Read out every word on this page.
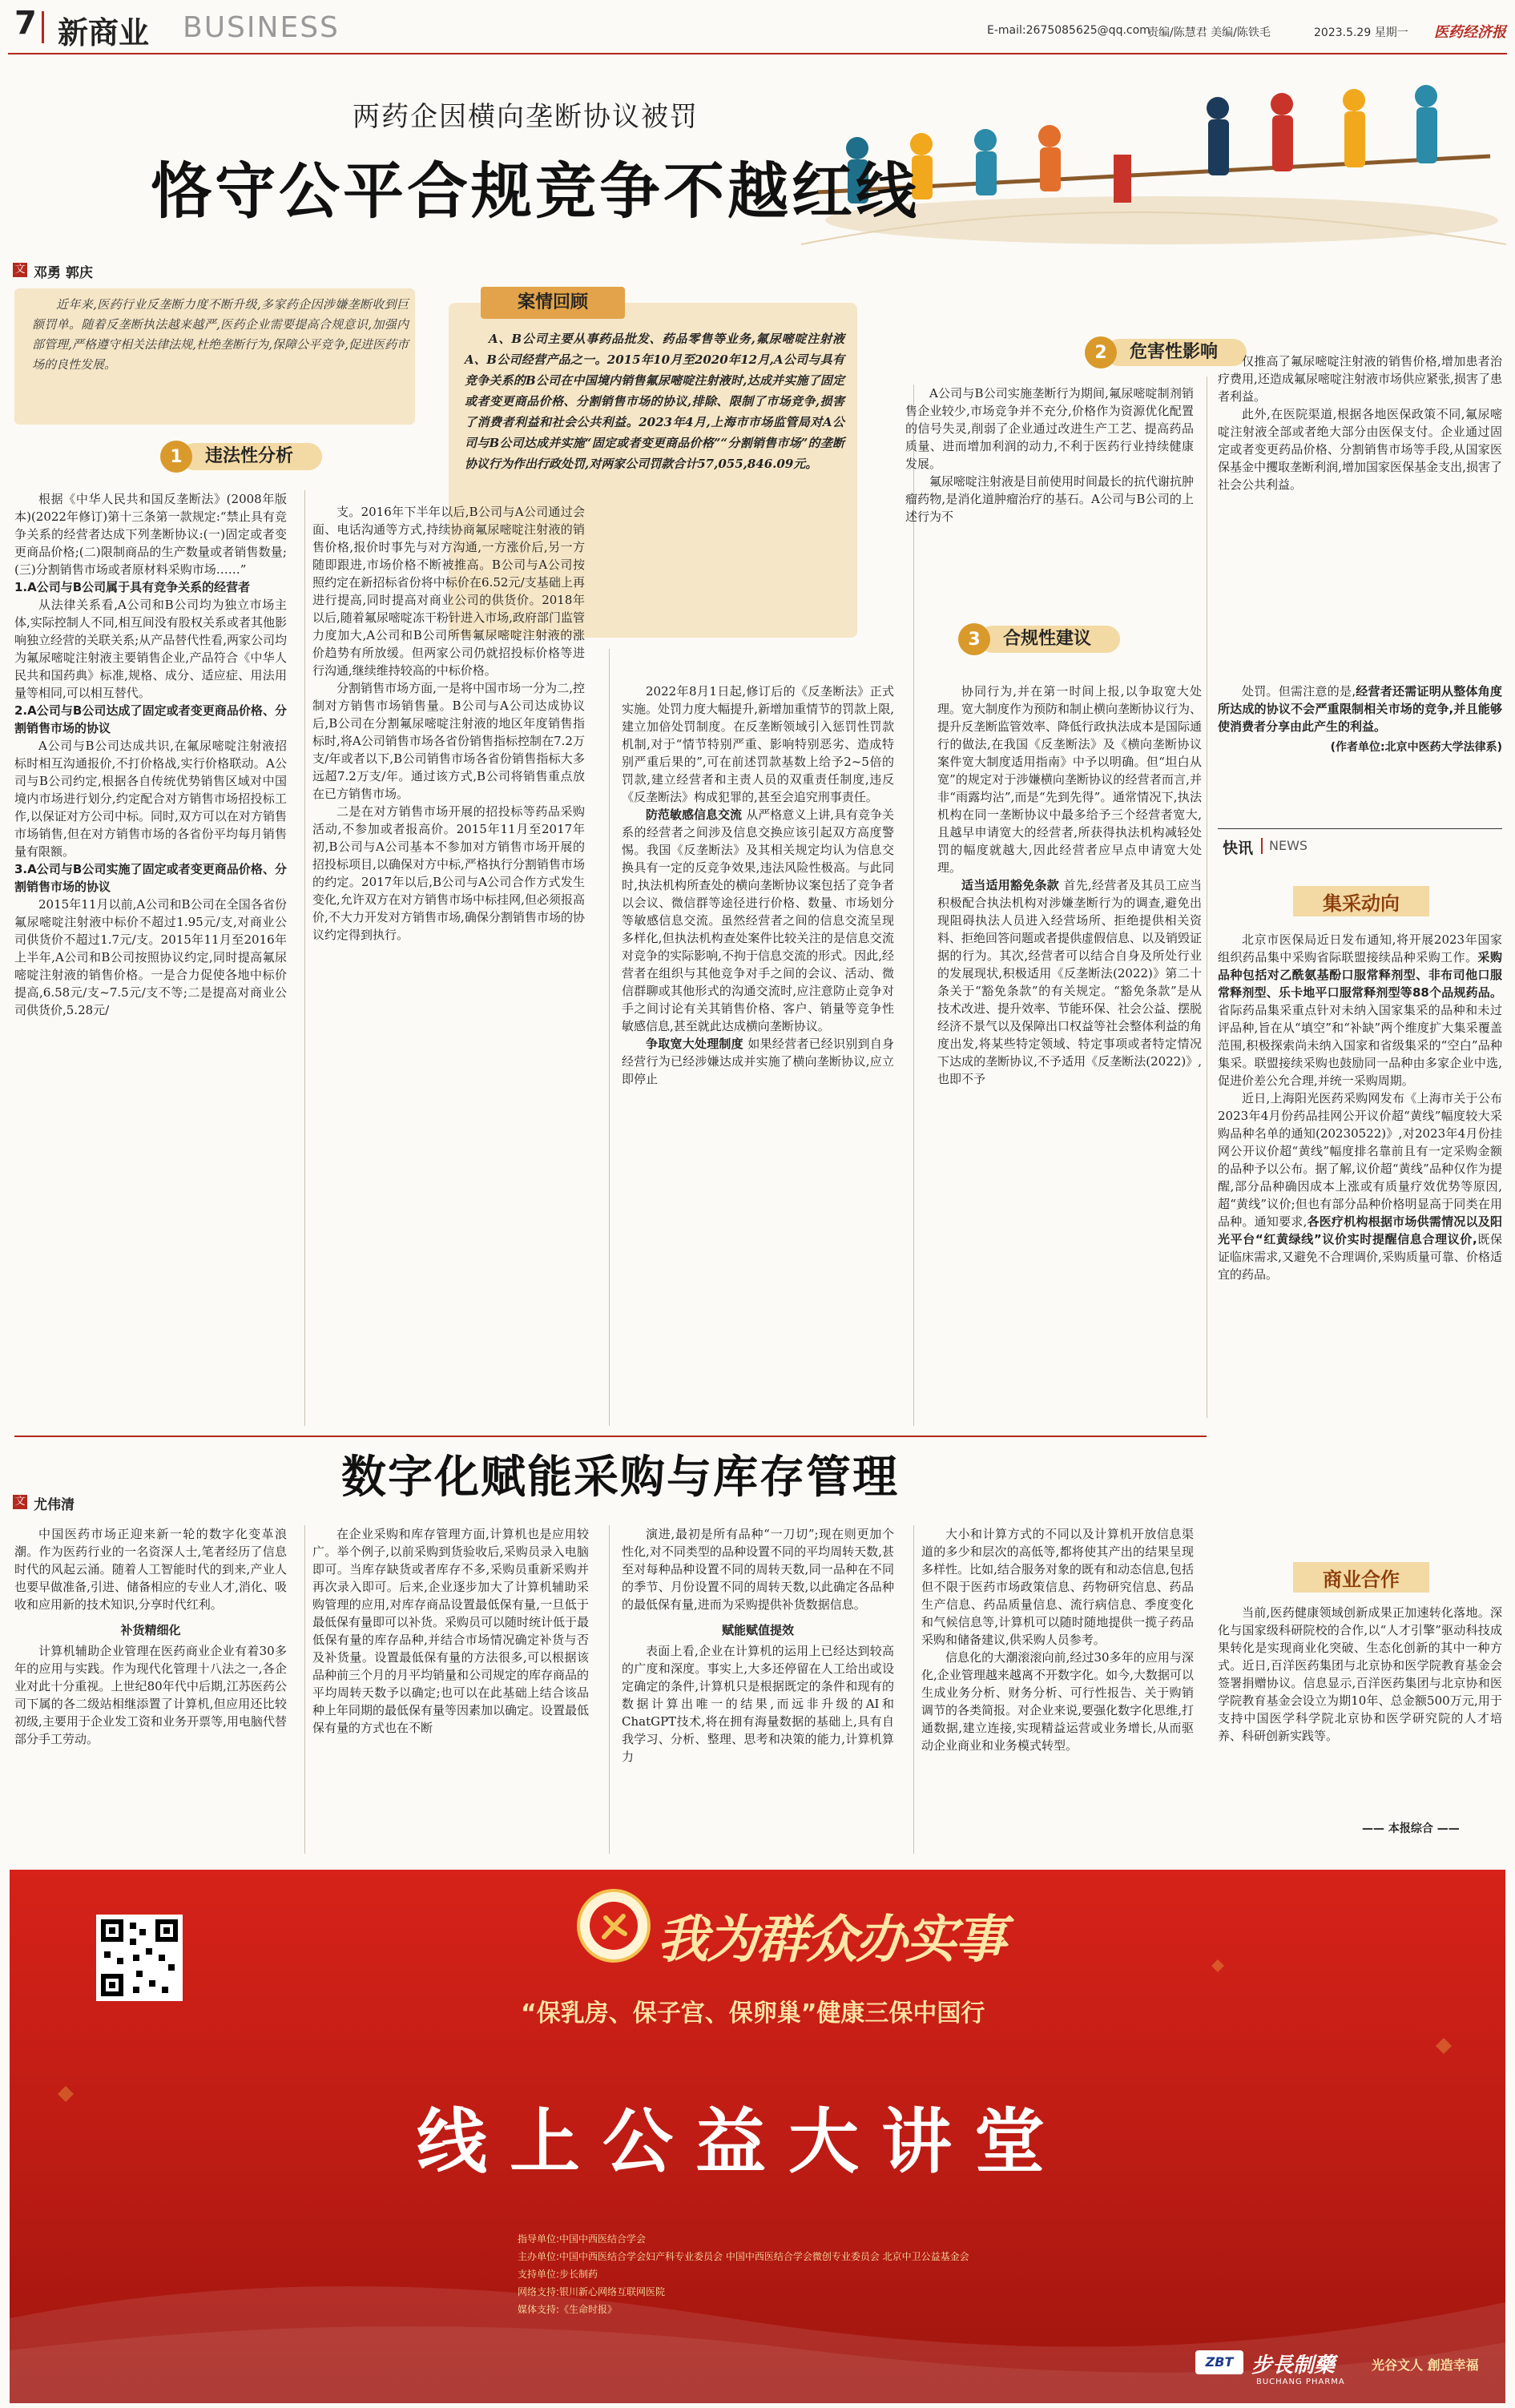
7 新商业 BUSINESS	E-mail:2675085625@qq.com
责编/陈慧君 美编/陈铁毛	2023.5.29 星期一 医药经济报
两药企因横向垄断协议被罚
恪守公平合规竞争不越红线
文 邓勇 郭庆
近年来,医药行业反垄断力度不断升级,多家药企因涉嫌垄断收到巨额罚单。随着反垄断执法越来越严,医药企业需要提高合规意识,加强内部管理,严格遵守相关法律法规,杜绝垄断行为,保障公平竞争,促进医药市场的良性发展。
1	违法性分析
案情回顾
A、B公司主要从事药品批发、药品零售等业务,氟尿嘧啶注射液A、B公司经营产品之一。2015年10月至2020年12月,A公司与具有竞争关系的B公司在中国境内销售氟尿嘧啶注射液时,达成并实施了固定或者变更商品价格、分割销售市场的协议,排除、限制了市场竞争,损害了消费者利益和社会公共利益。2023年4月,上海市市场监管局对A公司与B公司达成并实施“固定或者变更商品价格”“分割销售市场”的垄断协议行为作出行政处罚,对两家公司罚款合计57,055,846.09元。
2	危害性影响
3	合规性建议

根据《中华人民共和国反垄断法》(2008年版本)(2022年修订)第十三条第一款规定:“禁止具有竞争关系的经营者达成下列垄断协议:(一)固定或者变更商品价格;(二)限制商品的生产数量或者销售数量;(三)分割销售市场或者原材料采购市场……”

1.A公司与B公司属于具有竞争关系的经营者

从法律关系看,A公司和B公司均为独立市场主体,实际控制人不同,相互间没有股权关系或者其他影响独立经营的关联关系;从产品替代性看,两家公司均为氟尿嘧啶注射液主要销售企业,产品符合《中华人民共和国药典》标准,规格、成分、适应症、用法用量等相同,可以相互替代。

2.A公司与B公司达成了固定或者变更商品价格、分割销售市场的协议

A公司与B公司达成共识,在氟尿嘧啶注射液招标时相互沟通报价,不打价格战,实行价格联动。A公司与B公司约定,根据各自传统优势销售区域对中国境内市场进行划分,约定配合对方销售市场招投标工作,以保证对方公司中标。同时,双方可以在对方销售市场销售,但在对方销售市场的各省份平均每月销售量有限额。

3.A公司与B公司实施了固定或者变更商品价格、分割销售市场的协议

2015年11月以前,A公司和B公司在全国各省份氟尿嘧啶注射液中标价不超过1.95元/支,对商业公司供货价不超过1.7元/支。2015年11月至2016年上半年,A公司和B公司按照协议约定,同时提高氟尿嘧啶注射液的销售价格。一是合力促使各地中标价提高,6.58元/支~7.5元/支不等;二是提高对商业公司供货价,5.28元/

支。2016年下半年以后,B公司与A公司通过会面、电话沟通等方式,持续协商氟尿嘧啶注射液的销售价格,报价时事先与对方沟通,一方涨价后,另一方随即跟进,市场价格不断被推高。B公司与A公司按照约定在新招标省份将中标价在6.52元/支基础上再进行提高,同时提高对商业公司的供货价。2018年以后,随着氟尿嘧啶冻干粉针进入市场,政府部门监管力度加大,A公司和B公司所售氟尿嘧啶注射液的涨价趋势有所放缓。但两家公司仍就招投标价格等进行沟通,继续维持较高的中标价格。

分割销售市场方面,一是将中国市场一分为二,控制对方销售市场销售量。B公司与A公司达成协议后,B公司在分割氟尿嘧啶注射液的地区年度销售指标时,将A公司销售市场各省份销售指标控制在7.2万支/年或者以下,B公司销售市场各省份销售指标大多远超7.2万支/年。通过该方式,B公司将销售重点放在已方销售市场。

二是在对方销售市场开展的招投标等药品采购活动,不参加或者报高价。2015年11月至2017年初,B公司与A公司基本不参加对方销售市场开展的招投标项目,以确保对方中标,严格执行分割销售市场的约定。2017年以后,B公司与A公司合作方式发生变化,允许双方在对方销售市场中标挂网,但必须报高价,不大力开发对方销售市场,确保分割销售市场的协议约定得到执行。

2022年8月1日起,修订后的《反垄断法》正式实施。处罚力度大幅提升,新增加重情节的罚款上限,建立加倍处罚制度。在反垄断领域引入惩罚性罚款机制,对于“情节特别严重、影响特别恶劣、造成特别严重后果的”,可在前述罚款基数上给予2~5倍的罚款,建立经营者和主责人员的双重责任制度,违反《反垄断法》构成犯罪的,甚至会追究刑事责任。

防范敏感信息交流 从严格意义上讲,具有竞争关系的经营者之间涉及信息交换应该引起双方高度警惕。我国《反垄断法》及其相关规定均认为信息交换具有一定的反竞争效果,违法风险性极高。与此同时,执法机构所查处的横向垄断协议案包括了竞争者以会议、微信群等途径进行价格、数量、市场划分等敏感信息交流。虽然经营者之间的信息交流呈现多样化,但执法机构查处案件比较关注的是信息交流对竞争的实际影响,不拘于信息交流的形式。因此,经营者在组织与其他竞争对手之间的会议、活动、微信群聊或其他形式的沟通交流时,应注意防止竞争对手之间讨论有关其销售价格、客户、销量等竞争性敏感信息,甚至就此达成横向垄断协议。

争取宽大处理制度 如果经营者已经识别到自身经营行为已经涉嫌达成并实施了横向垄断协议,应立即停止

协同行为,并在第一时间上报,以争取宽大处理。宽大制度作为预防和制止横向垄断协议行为、提升反垄断监管效率、降低行政执法成本是国际通行的做法,在我国《反垄断法》及《横向垄断协议案件宽大制度适用指南》中予以明确。但“坦白从宽”的规定对于涉嫌横向垄断协议的经营者而言,并非“雨露均沾”,而是“先到先得”。通常情况下,执法机构在同一垄断协议中最多给予三个经营者宽大,且越早申请宽大的经营者,所获得执法机构减轻处罚的幅度就越大,因此经营者应早点申请宽大处理。

适当适用豁免条款 首先,经营者及其员工应当积极配合执法机构对涉嫌垄断行为的调查,避免出现阻碍执法人员进入经营场所、拒绝提供相关资料、拒绝回答问题或者提供虚假信息、以及销毁证据的行为。其次,经营者可以结合自身及所处行业的发展现状,积极适用《反垄断法(2022)》第二十条关于“豁免条款”的有关规定。“豁免条款”是从技术改进、提升效率、节能环保、社会公益、摆脱经济不景气以及保障出口权益等社会整体利益的角度出发,将某些特定领域、特定事项或者特定情况下达成的垄断协议,不予适用《反垄断法(2022)》,也即不予

A公司与B公司实施垄断行为期间,氟尿嘧啶制剂销售企业较少,市场竞争并不充分,价格作为资源优化配置的信号失灵,削弱了企业通过改进生产工艺、提高药品质量、进而增加利润的动力,不利于医药行业持续健康发展。

氟尿嘧啶注射液是目前使用时间最长的抗代谢抗肿瘤药物,是消化道肿瘤治疗的基石。A公司与B公司的上述行为不

仅推高了氟尿嘧啶注射液的销售价格,增加患者治疗费用,还造成氟尿嘧啶注射液市场供应紧张,损害了患者利益。

此外,在医院渠道,根据各地医保政策不同,氟尿嘧啶注射液全部或者绝大部分由医保支付。企业通过固定或者变更药品价格、分割销售市场等手段,从国家医保基金中攫取垄断利润,增加国家医保基金支出,损害了社会公共利益。

处罚。但需注意的是,经营者还需证明从整体角度所达成的协议不会严重限制相关市场的竞争,并且能够使消费者分享由此产生的利益。

(作者单位:北京中医药大学法律系)

快讯 NEWS
集采动向

北京市医保局近日发布通知,将开展2023年国家组织药品集中采购省际联盟接续品种采购工作。采购品种包括对乙酰氨基酚口服常释剂型、非布司他口服常释剂型、乐卡地平口服常释剂型等88个品规药品。省际药品集采重点针对未纳入国家集采的品种和未过评品种,旨在从“填空”和“补缺”两个维度扩大集采覆盖范围,积极探索尚未纳入国家和省级集采的“空白”品种集采。联盟接续采购也鼓励同一品种由多家企业中选,促进价差公允合理,并统一采购周期。

近日,上海阳光医药采购网发布《上海市关于公布2023年4月份药品挂网公开议价超“黄线”幅度较大采购品种名单的通知(20230522)》,对2023年4月份挂网公开议价超“黄线”幅度排名靠前且有一定采购金额的品种予以公布。据了解,议价超“黄线”品种仅作为提醒,部分品种确因成本上涨或有质量疗效优势等原因,超“黄线”议价;但也有部分品种价格明显高于同类在用品种。通知要求,各医疗机构根据市场供需情况以及阳光平台“红黄绿线”议价实时提醒信息合理议价,既保证临床需求,又避免不合理调价,采购质量可靠、价格适宜的药品。

商业合作

当前,医药健康领域创新成果正加速转化落地。深化与国家级科研院校的合作,以“人才引擎”驱动科技成果转化是实现商业化突破、生态化创新的其中一种方式。近日,百洋医药集团与北京协和医学院教育基金会签署捐赠协议。信息显示,百洋医药集团与北京协和医学院教育基金会设立为期10年、总金额500万元,用于支持中国医学科学院北京协和医学研究院的人才培养、科研创新实践等。

—— 本报综合 ——
数字化赋能采购与库存管理
文 尤伟清

中国医药市场正迎来新一轮的数字化变革浪潮。作为医药行业的一名资深人士,笔者经历了信息时代的风起云涌。随着人工智能时代的到来,产业人也要早做准备,引进、储备相应的专业人才,消化、吸收和应用新的技术知识,分享时代红利。

补货精细化

计算机辅助企业管理在医药商业企业有着30多年的应用与实践。作为现代化管理十八法之一,各企业对此十分重视。上世纪80年代中后期,江苏医药公司下属的各二级站相继添置了计算机,但应用还比较初级,主要用于企业发工资和业务开票等,用电脑代替部分手工劳动。

在企业采购和库存管理方面,计算机也是应用较广。举个例子,以前采购到货验收后,采购员录入电脑即可。当库存缺货或者库存不多,采购员重新采购并再次录入即可。后来,企业逐步加大了计算机辅助采购管理的应用,对库存商品设置最低保有量,一旦低于最低保有量即可以补货。采购员可以随时统计低于最低保有量的库存品种,并结合市场情况确定补货与否及补货量。设置最低保有量的方法很多,可以根据该品种前三个月的月平均销量和公司规定的库存商品的平均周转天数予以确定;也可以在此基础上结合该品种上年同期的最低保有量等因素加以确定。设置最低保有量的方式也在不断

演进,最初是所有品种“一刀切”;现在则更加个性化,对不同类型的品种设置不同的平均周转天数,甚至对每种品种设置不同的周转天数,同一品种在不同的季节、月份设置不同的周转天数,以此确定各品种的最低保有量,进而为采购提供补货数据信息。

赋能赋值提效

表面上看,企业在计算机的运用上已经达到较高的广度和深度。事实上,大多还停留在人工给出或设定确定的条件,计算机只是根据既定的条件和现有的数据计算出唯一的结果,而远非升级的AI和ChatGPT技术,将在拥有海量数据的基础上,具有自我学习、分析、整理、思考和决策的能力,计算机算力

大小和计算方式的不同以及计算机开放信息渠道的多少和层次的高低等,都将使其产出的结果呈现多样性。比如,结合服务对象的既有和动态信息,包括但不限于医药市场政策信息、药物研究信息、药品生产信息、药品质量信息、流行病信息、季度变化和气候信息等,计算机可以随时随地提供一揽子药品采购和储备建议,供采购人员参考。

信息化的大潮滚滚向前,经过30多年的应用与深化,企业管理越来越离不开数字化。如今,大数据可以生成业务分析、财务分析、可行性报告、关于购销调节的各类简报。对企业来说,要强化数字化思维,打通数据,建立连接,实现精益运营或业务增长,从而驱动企业商业和业务模式转型。

我为群众办实事
“保乳房、保子宫、保卵巢”健康三保中国行
线上公益大讲堂
指导单位:中国中西医结合学会
主办单位:中国中西医结合学会妇产科专业委员会 中国中西医结合学会微创专业委员会 北京中卫公益基金会
支持单位:步长制药
网络支持:银川新心网络互联网医院
媒体支持:《生命时报》
ZBT 步長制藥
BUCHANG PHARMA
光谷文人 創造幸福
